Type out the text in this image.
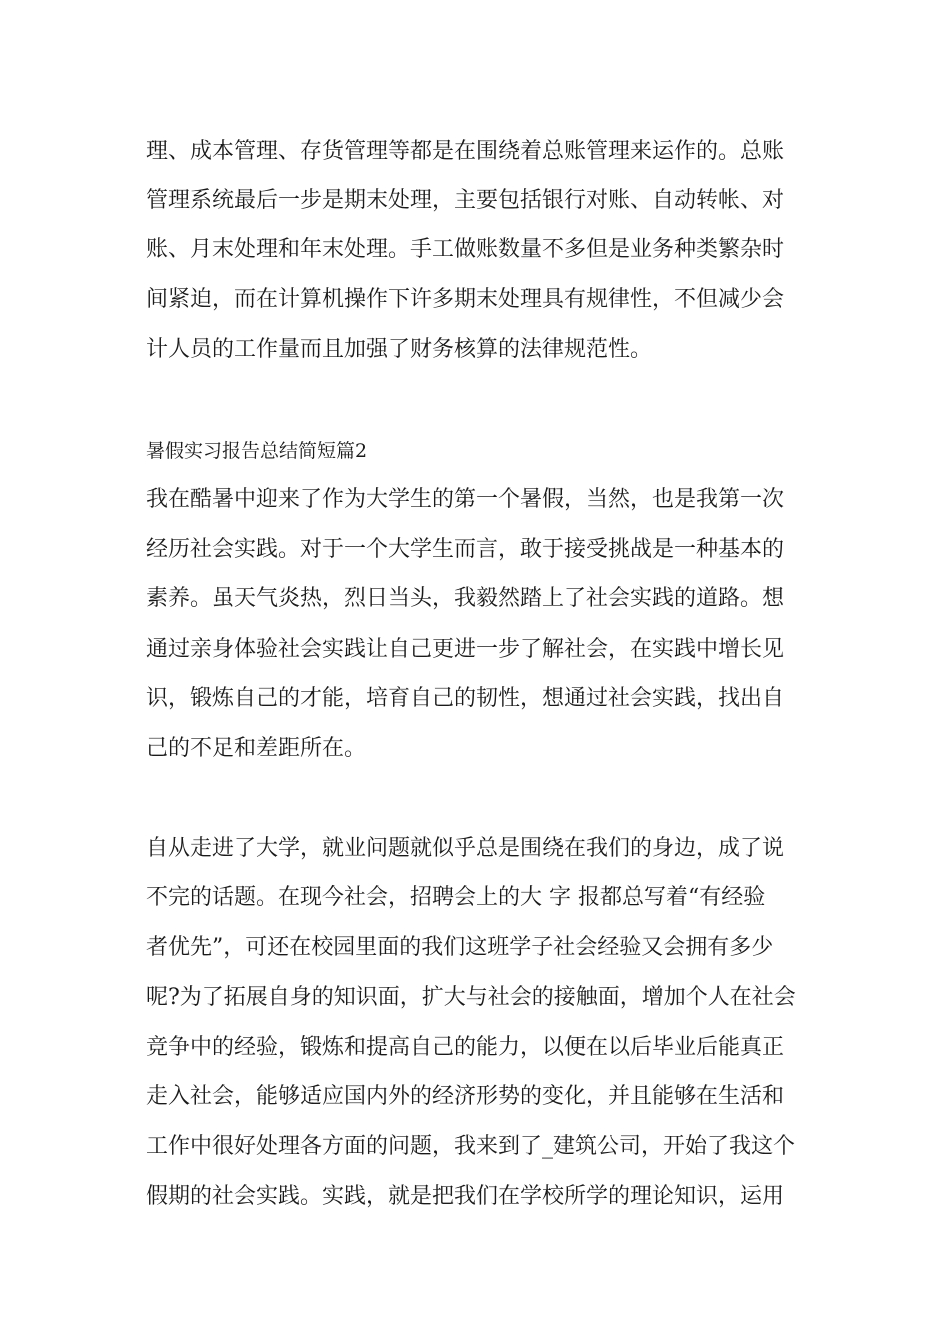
理、成本管理、存货管理等都是在围绕着总账管理来运作的。总账
管理系统最后一步是期末处理，主要包括银行对账、自动转帐、对
账、月末处理和年末处理。手工做账数量不多但是业务种类繁杂时
间紧迫，而在计算机操作下许多期末处理具有规律性，不但减少会
计人员的工作量而且加强了财务核算的法律规范性。
暑假实习报告总结简短篇2
我在酷暑中迎来了作为大学生的第一个暑假，当然，也是我第一次
经历社会实践。对于一个大学生而言，敢于接受挑战是一种基本的
素养。虽天气炎热，烈日当头，我毅然踏上了社会实践的道路。想
通过亲身体验社会实践让自己更进一步了解社会，在实践中增长见
识，锻炼自己的才能，培育自己的韧性，想通过社会实践，找出自
己的不足和差距所在。
自从走进了大学，就业问题就似乎总是围绕在我们的身边，成了说
不完的话题。在现今社会，招聘会上的大 字 报都总写着“有经验
者优先”，可还在校园里面的我们这班学子社会经验又会拥有多少
呢?为了拓展自身的知识面，扩大与社会的接触面，增加个人在社会
竞争中的经验，锻炼和提高自己的能力，以便在以后毕业后能真正
走入社会，能够适应国内外的经济形势的变化，并且能够在生活和
工作中很好处理各方面的问题，我来到了_建筑公司，开始了我这个
假期的社会实践。实践，就是把我们在学校所学的理论知识，运用
